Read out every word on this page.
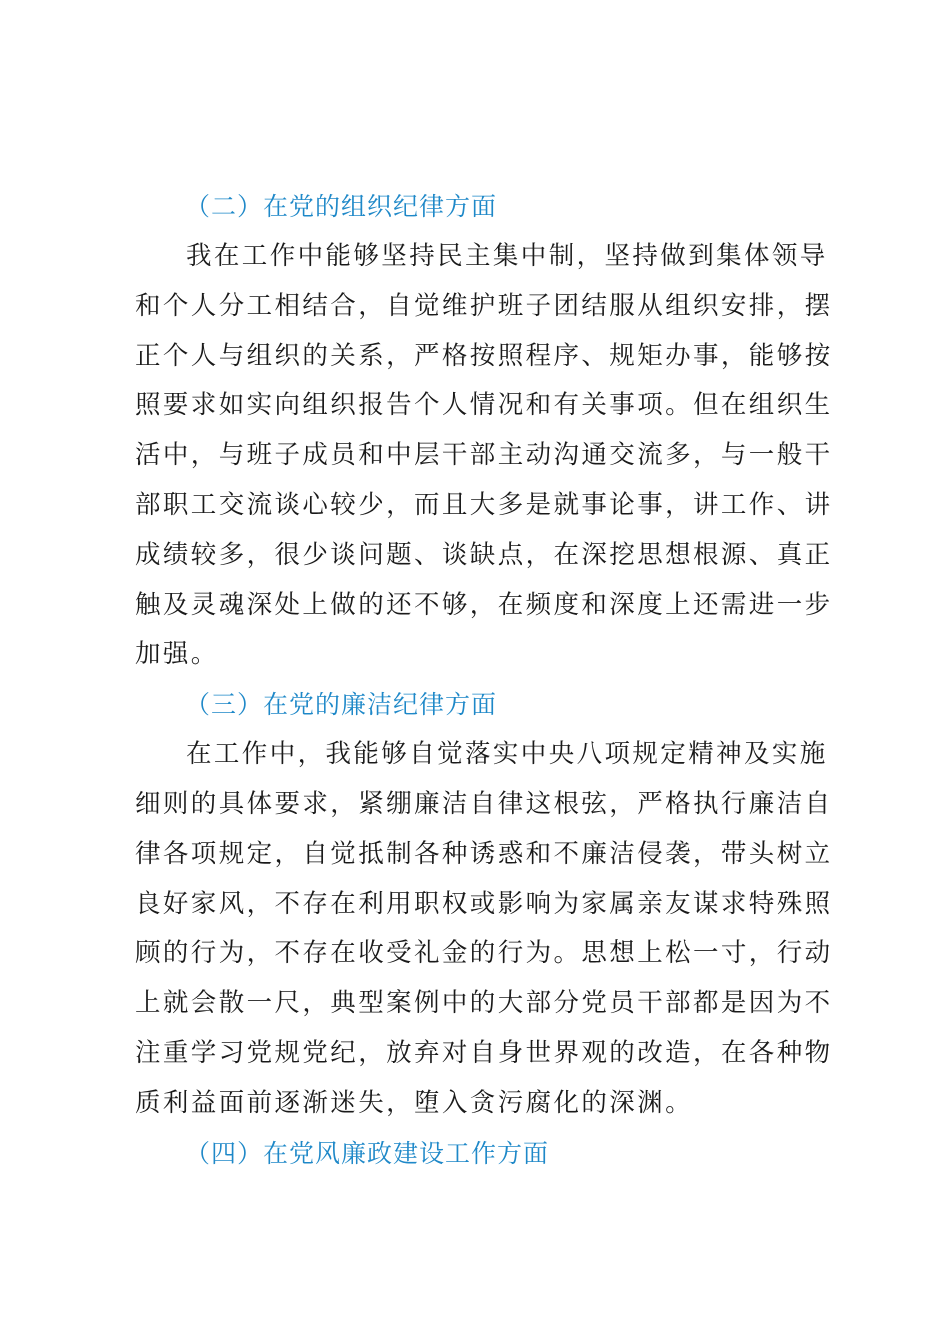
（二）在党的组织纪律方面
我在工作中能够坚持民主集中制，坚持做到集体领导
和个人分工相结合，自觉维护班子团结服从组织安排，摆
正个人与组织的关系，严格按照程序、规矩办事，能够按
照要求如实向组织报告个人情况和有关事项。但在组织生
活中，与班子成员和中层干部主动沟通交流多，与一般干
部职工交流谈心较少，而且大多是就事论事，讲工作、讲
成绩较多，很少谈问题、谈缺点，在深挖思想根源、真正
触及灵魂深处上做的还不够，在频度和深度上还需进一步
加强。
（三）在党的廉洁纪律方面
在工作中，我能够自觉落实中央八项规定精神及实施
细则的具体要求，紧绷廉洁自律这根弦，严格执行廉洁自
律各项规定，自觉抵制各种诱惑和不廉洁侵袭，带头树立
良好家风，不存在利用职权或影响为家属亲友谋求特殊照
顾的行为，不存在收受礼金的行为。思想上松一寸，行动
上就会散一尺，典型案例中的大部分党员干部都是因为不
注重学习党规党纪，放弃对自身世界观的改造，在各种物
质利益面前逐渐迷失，堕入贪污腐化的深渊。
（四）在党风廉政建设工作方面
